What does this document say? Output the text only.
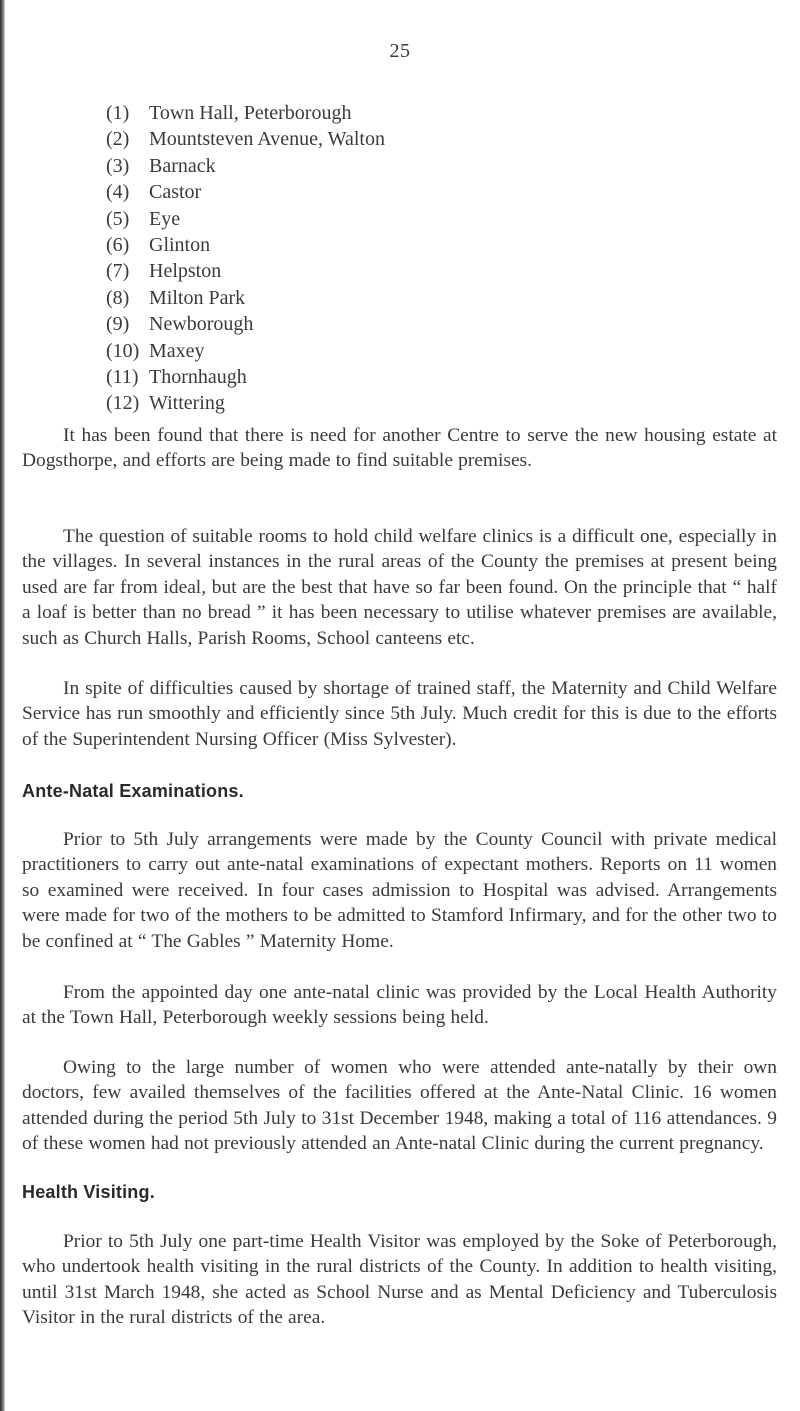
25
(1) Town Hall, Peterborough
(2) Mountsteven Avenue, Walton
(3) Barnack
(4) Castor
(5) Eye
(6) Glinton
(7) Helpston
(8) Milton Park
(9) Newborough
(10) Maxey
(11) Thornhaugh
(12) Wittering

It has been found that there is need for another Centre to serve the new housing estate at Dogsthorpe, and efforts are being made to find suitable premises.

The question of suitable rooms to hold child welfare clinics is a difficult one, especially in the villages. In several instances in the rural areas of the County the premises at present being used are far from ideal, but are the best that have so far been found. On the principle that “ half a loaf is better than no bread ” it has been necessary to utilise whatever premises are available, such as Church Halls, Parish Rooms, School canteens etc.

In spite of difficulties caused by shortage of trained staff, the Maternity and Child Welfare Service has run smoothly and efficiently since 5th July. Much credit for this is due to the efforts of the Superintendent Nursing Officer (Miss Sylvester).

Ante-Natal Examinations.

Prior to 5th July arrangements were made by the County Council with private medical practitioners to carry out ante-natal examinations of expectant mothers. Reports on 11 women so examined were received. In four cases admission to Hospital was advised. Arrangements were made for two of the mothers to be admitted to Stamford Infirmary, and for the other two to be confined at “ The Gables ” Maternity Home.

From the appointed day one ante-natal clinic was provided by the Local Health Authority at the Town Hall, Peterborough weekly sessions being held.

Owing to the large number of women who were attended ante-natally by their own doctors, few availed themselves of the facilities offered at the Ante-Natal Clinic. 16 women attended during the period 5th July to 31st December 1948, making a total of 116 attendances. 9 of these women had not previously attended an Ante-natal Clinic during the current pregnancy.

Health Visiting.

Prior to 5th July one part-time Health Visitor was employed by the Soke of Peterborough, who undertook health visiting in the rural districts of the County. In addition to health visiting, until 31st March 1948, she acted as School Nurse and as Mental Deficiency and Tuberculosis Visitor in the rural districts of the area.
